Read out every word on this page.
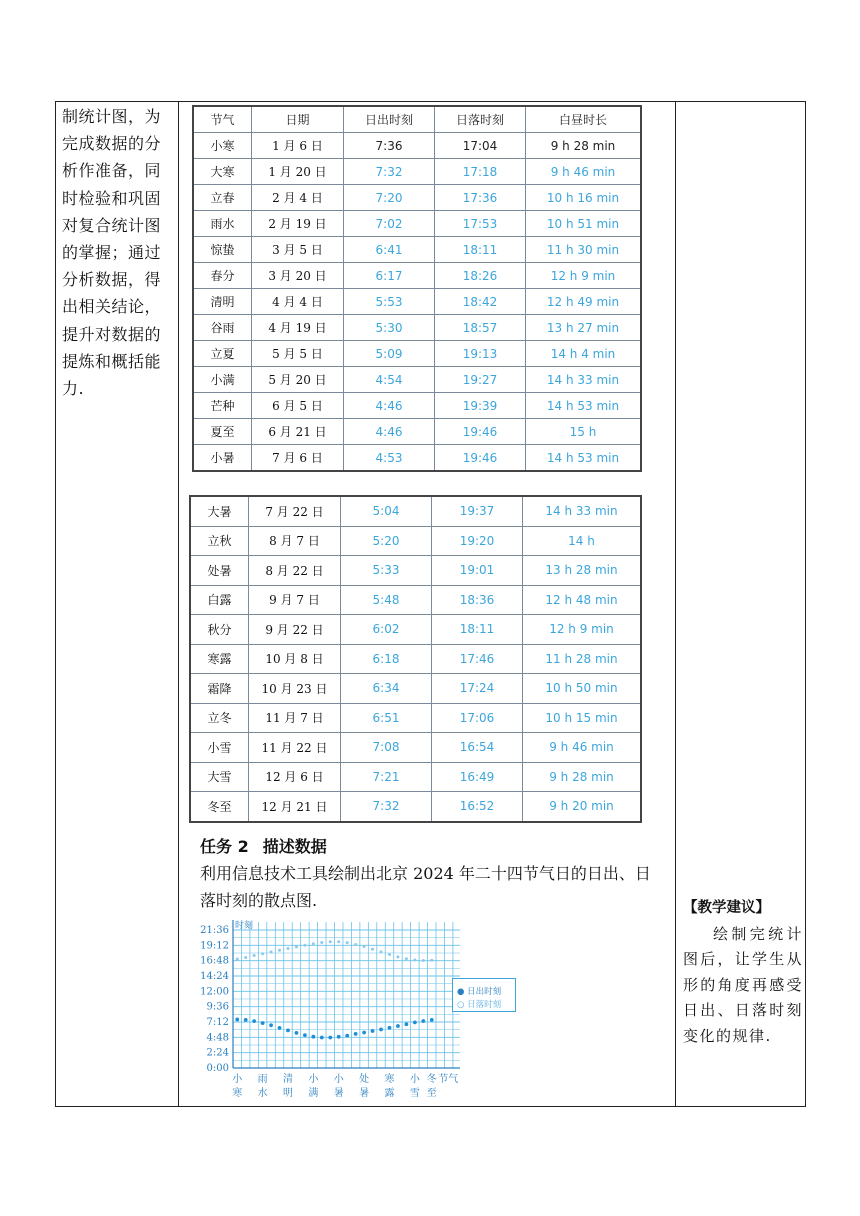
制统计图，为完成数据的分析作准备，同时检验和巩固对复合统计图的掌握；通过分析数据，得出相关结论，提升对数据的提炼和概括能力.
节气	日期	日出时刻	日落时刻	白昼时长
小寒	1 月 6 日	7:36	17:04	9 h 28 min
大寒	1 月 20 日	7:32	17:18	9 h 46 min
立春	2 月 4 日	7:20	17:36	10 h 16 min
雨水	2 月 19 日	7:02	17:53	10 h 51 min
惊蛰	3 月 5 日	6:41	18:11	11 h 30 min
春分	3 月 20 日	6:17	18:26	12 h 9 min
清明	4 月 4 日	5:53	18:42	12 h 49 min
谷雨	4 月 19 日	5:30	18:57	13 h 27 min
立夏	5 月 5 日	5:09	19:13	14 h 4 min
小满	5 月 20 日	4:54	19:27	14 h 33 min
芒种	6 月 5 日	4:46	19:39	14 h 53 min
夏至	6 月 21 日	4:46	19:46	15 h
小暑	7 月 6 日	4:53	19:46	14 h 53 min
大暑	7 月 22 日	5:04	19:37	14 h 33 min
立秋	8 月 7 日	5:20	19:20	14 h
处暑	8 月 22 日	5:33	19:01	13 h 28 min
白露	9 月 7 日	5:48	18:36	12 h 48 min
秋分	9 月 22 日	6:02	18:11	12 h 9 min
寒露	10 月 8 日	6:18	17:46	11 h 28 min
霜降	10 月 23 日	6:34	17:24	10 h 50 min
立冬	11 月 7 日	6:51	17:06	10 h 15 min
小雪	11 月 22 日	7:08	16:54	9 h 46 min
大雪	12 月 6 日	7:21	16:49	9 h 28 min
冬至	12 月 21 日	7:32	16:52	9 h 20 min
任务 2 描述数据
利用信息技术工具绘制出北京 2024 年二十四节气日的日出、日落时刻的散点图.
0:00
2:24
4:48
7:12
9:36
12:00
14:24
16:48
19:12
21:36 时刻
小
寒
雨
水
清
明
小
满
小
暑
处
暑
寒
露
小
雪
冬
至
节气
● 日出时刻
○ 日落时刻
【教学建议】
绘制完统计图后，让学生从形的角度再感受日出、日落时刻变化的规律.
